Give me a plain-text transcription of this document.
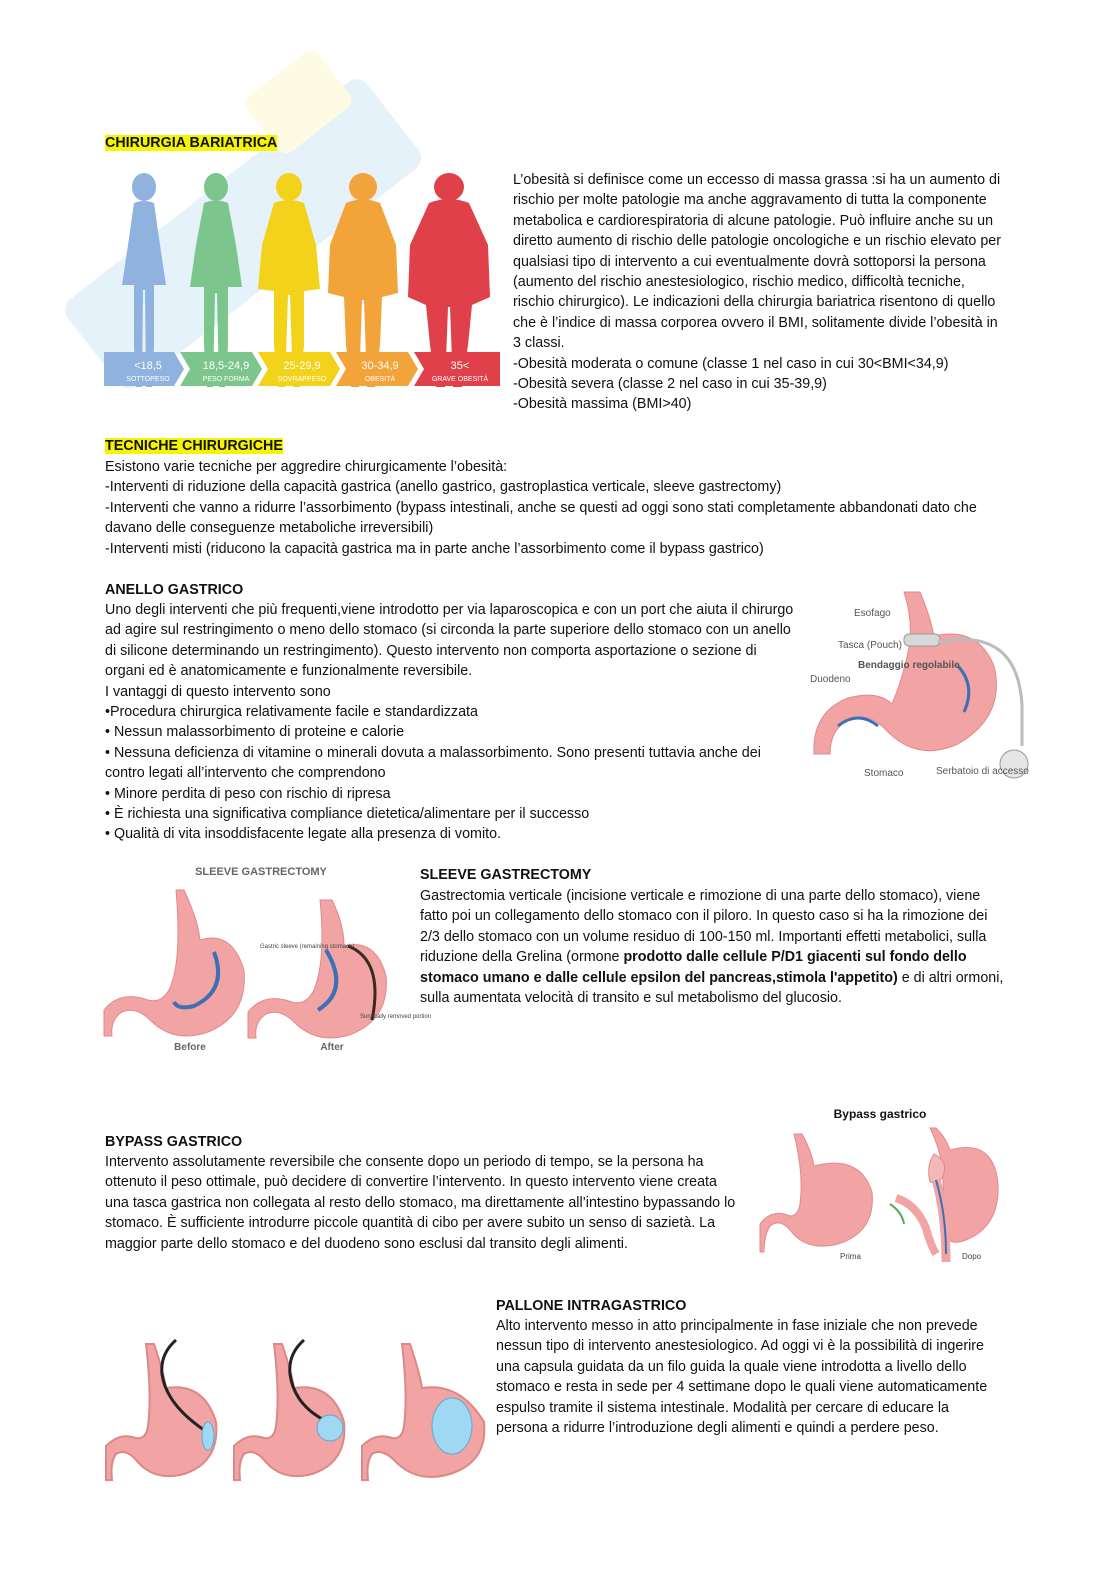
CHIRURGIA BARIATRICA

<18,5
SOTTOPESO
18,5-24,9
PESO FORMA
25-29,9
SOVRAPPESO
30-34,9
OBESITÀ
35<
GRAVE OBESITÀ

L’obesità si definisce come un eccesso di massa grassa :si ha un aumento di rischio per molte patologie ma anche aggravamento di tutta la componente metabolica e cardiorespiratoria di alcune patologie. Può influire anche su un diretto aumento di rischio delle patologie oncologiche e un rischio elevato per qualsiasi tipo di intervento a cui eventualmente dovrà sottoporsi la persona (aumento del rischio anestesiologico, rischio medico, difficoltà tecniche, rischio chirurgico). Le indicazioni della chirurgia bariatrica risentono di quello che è l’indice di massa corporea ovvero il BMI, solitamente divide l’obesità in 3 classi.

-Obesità moderata o comune (classe 1 nel caso in cui 30<BMI<34,9)

-Obesità severa (classe 2 nel caso in cui 35-39,9)

-Obesità massima (BMI>40)

TECNICHE CHIRURGICHE

Esistono varie tecniche per aggredire chirurgicamente l’obesità:

-Interventi di riduzione della capacità gastrica (anello gastrico, gastroplastica verticale, sleeve gastrectomy)

-Interventi che vanno a ridurre l’assorbimento (bypass intestinali, anche se questi ad oggi sono stati completamente abbandonati dato che davano delle conseguenze metaboliche irreversibili)

-Interventi misti (riducono la capacità gastrica ma in parte anche l’assorbimento come il bypass gastrico)

ANELLO GASTRICO

Uno degli interventi che più frequenti,viene introdotto per via laparoscopica e con un port che aiuta il chirurgo ad agire sul restringimento o meno dello stomaco (si circonda la parte superiore dello stomaco con un anello di silicone determinando un restringimento). Questo intervento non comporta asportazione o sezione di organi ed è anatomicamente e funzionalmente reversibile.

I vantaggi di questo intervento sono

•Procedura chirurgica relativamente facile e standardizzata

• Nessun malassorbimento di proteine e calorie

• Nessuna deficienza di vitamine o minerali dovuta a malassorbimento. Sono presenti tuttavia anche dei contro legati all’intervento che comprendono

• Minore perdita di peso con rischio di ripresa

• È richiesta una significativa compliance dietetica/alimentare per il successo

• Qualità di vita insoddisfacente legate alla presenza di vomito.

Esofago
Tasca (Pouch)
Bendaggio regolabile
Duodeno
Stomaco	Serbatoio di accesso
SLEEVE GASTRECTOMY
Before	After
Gastric sleeve (remaining stomach)
Surgically removed portion

SLEEVE GASTRECTOMY

Gastrectomia verticale (incisione verticale e rimozione di una parte dello stomaco), viene fatto poi un collegamento dello stomaco con il piloro. In questo caso si ha la rimozione dei 2/3 dello stomaco con un volume residuo di 100-150 ml. Importanti effetti metabolici, sulla riduzione della Grelina (ormone prodotto dalle cellule P/D1 giacenti sul fondo dello stomaco umano e dalle cellule epsilon del pancreas,stimola l'appetito) e di altri ormoni, sulla aumentata velocità di transito e sul metabolismo del glucosio.

BYPASS GASTRICO

Intervento assolutamente reversibile che consente dopo un periodo di tempo, se la persona ha ottenuto il peso ottimale, può decidere di convertire l’intervento. In questo intervento viene creata una tasca gastrica non collegata al resto dello stomaco, ma direttamente all’intestino bypassando lo stomaco. È sufficiente introdurre piccole quantità di cibo per avere subito un senso di sazietà. La maggior parte dello stomaco e del duodeno sono esclusi dal transito degli alimenti.

Bypass gastrico
Prima	Dopo

PALLONE INTRAGASTRICO

Alto intervento messo in atto principalmente in fase iniziale che non prevede nessun tipo di intervento anestesiologico. Ad oggi vi è la possibilità di ingerire una capsula guidata da un filo guida la quale viene introdotta a livello dello stomaco e resta in sede per 4 settimane dopo le quali viene automaticamente espulso tramite il sistema intestinale. Modalità per cercare di educare la persona a ridurre l’introduzione degli alimenti e quindi a perdere peso.
